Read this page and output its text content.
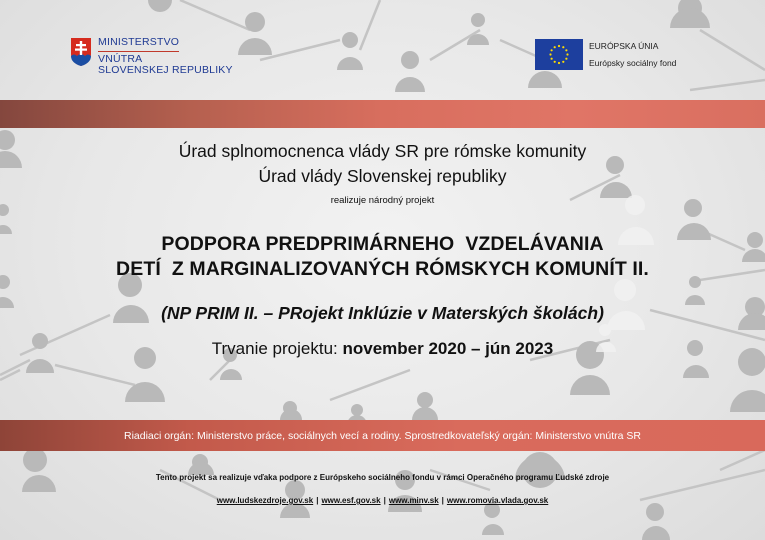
MINISTERSTVO
VNÚTRA
SLOVENSKEJ REPUBLIKY
EURÓPSKA ÚNIA
Európsky sociálny fond
Úrad splnomocnenca vlády SR pre rómske komunity
Úrad vlády Slovenskej republiky
realizuje národný projekt
PODPORA PREDPRIMÁRNEHO  VZDELÁVANIA
DETÍ  Z MARGINALIZOVANÝCH RÓMSKYCH KOMUNÍT II.
(NP PRIM II. – PRojekt Inklúzie v Materských školách)
Trvanie projektu: november 2020 – jún 2023
Riadiaci orgán: Ministerstvo práce, sociálnych vecí a rodiny. Sprostredkovateľský orgán: Ministerstvo vnútra SR
Tento projekt sa realizuje vďaka podpore z Európskeho sociálneho fondu v rámci Operačného programu Ľudské zdroje
www.ludskezdroje.gov.sk | www.esf.gov.sk | www.minv.sk | www.romovia.vlada.gov.sk
